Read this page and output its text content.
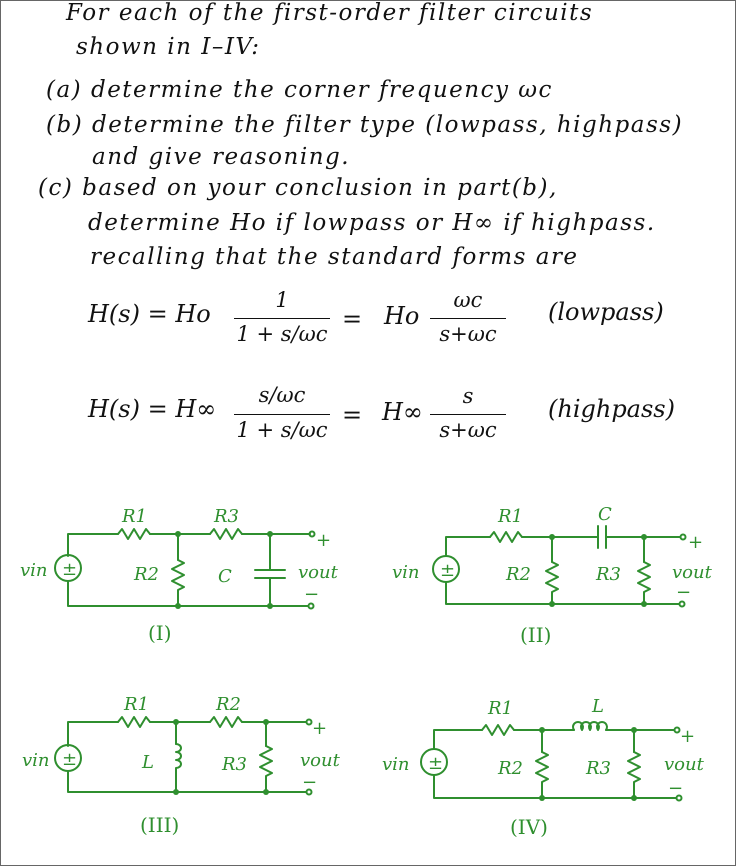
For each of the first-order filter circuits
shown in I–IV:
(a) determine the corner frequency ωc
(b) determine the filter type (lowpass, highpass)
and give reasoning.
(c) based on your conclusion in part(b),
determine Ho if lowpass or H∞ if highpass.
recalling that the standard forms are
H(s) = Ho	1
1 + s/ωc
= Ho
ωc
s+ωc
(lowpass)
H(s) = H∞	s/ωc
1 + s/ωc
= H∞
s
s+ωc
(highpass)
±
vin
R1	R3
R2	C	vout
+
−
(I)
±
vin
R1	C
R2	R3	vout
+
−
(II)
±
vin
R1	R2
L	R3	vout
+
−
(III)
±
vin
R1	L
R2	R3	vout
+
−
(IV)
